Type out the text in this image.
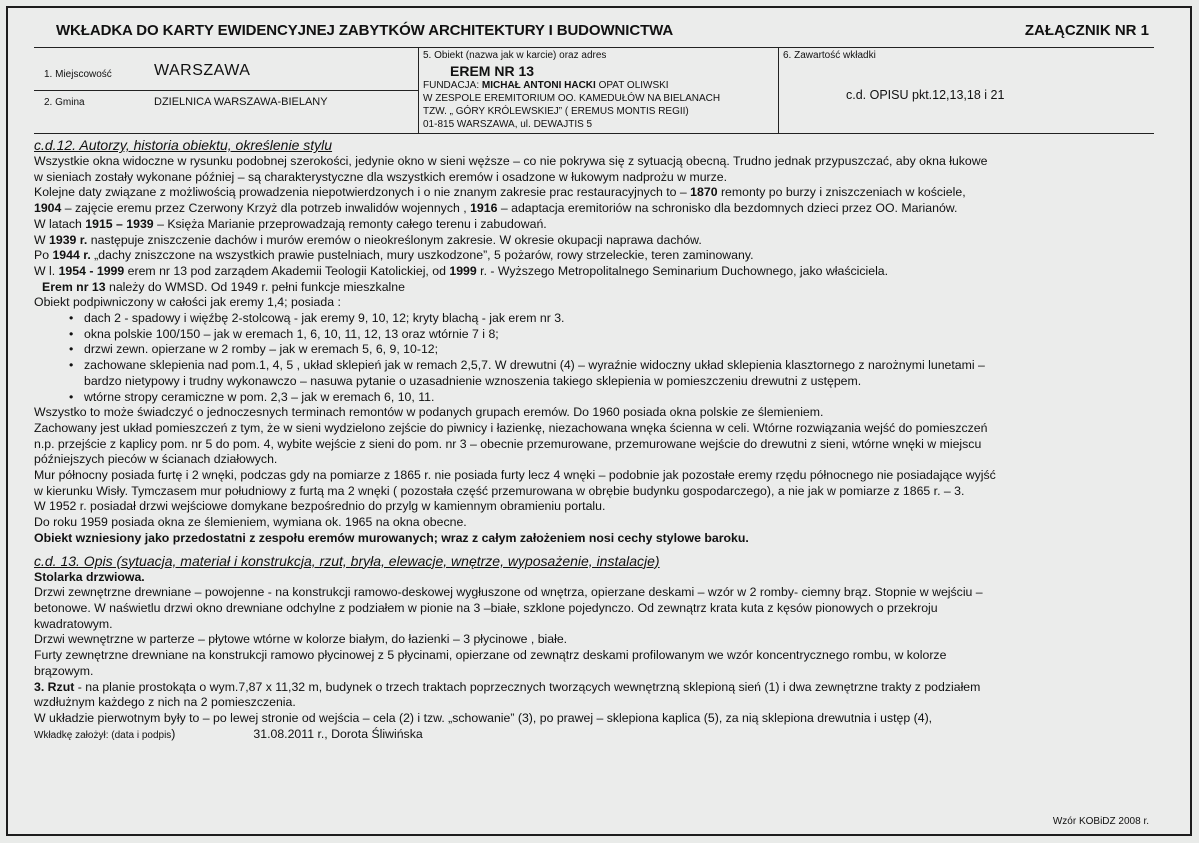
WKŁADKA DO KARTY EWIDENCYJNEJ ZABYTKÓW ARCHITEKTURY I BUDOWNICTWA	ZAŁĄCZNIK NR 1
1. Miejscowość	WARSZAWA
2. Gmina	DZIELNICA WARSZAWA-BIELANY
5. Obiekt (nazwa jak w karcie) oraz adres
EREM NR 13
FUNDACJA: MICHAŁ ANTONI HACKI OPAT OLIWSKI
W ZESPOLE EREMITORIUM OO. KAMEDUŁÓW NA BIELANACH
TZW. „ GÓRY KRÓLEWSKIEJ” ( EREMUS MONTIS REGII)
01-815 WARSZAWA, ul. DEWAJTIS 5
6. Zawartość wkładki
c.d. OPISU pkt.12,13,18 i 21

c.d.12. Autorzy, historia obiektu, określenie stylu

Wszystkie okna widoczne w rysunku podobnej szerokości, jedynie okno w sieni węższe – co nie pokrywa się z sytuacją obecną. Trudno jednak przypuszczać, aby okna łukowe

w sieniach zostały wykonane później – są charakterystyczne dla wszystkich eremów i osadzone w łukowym nadprożu w murze.

Kolejne daty związane z możliwością prowadzenia niepotwierdzonych i o nie znanym zakresie prac restauracyjnych to – 1870 remonty po burzy i zniszczeniach w kościele,

1904 – zajęcie eremu przez Czerwony Krzyż dla potrzeb inwalidów wojennych , 1916 – adaptacja eremitoriów na schronisko dla bezdomnych dzieci przez OO. Marianów.

W latach 1915 – 1939 – Księża Marianie przeprowadzają remonty całego terenu i zabudowań.

W 1939 r. następuje zniszczenie dachów i murów eremów o nieokreślonym zakresie. W okresie okupacji naprawa dachów.

Po 1944 r. „dachy zniszczone na wszystkich prawie pustelniach, mury uszkodzone”, 5 pożarów, rowy strzeleckie, teren zaminowany.

W l. 1954 - 1999 erem nr 13 pod zarządem Akademii Teologii Katolickiej, od 1999 r. - Wyższego Metropolitalnego Seminarium Duchownego, jako właściciela.

Erem nr 13 należy do WMSD. Od 1949 r. pełni funkcje mieszkalne

Obiekt podpiwniczony w całości jak eremy 1,4; posiada :

• dach 2 - spadowy i więźbę 2-stolcową - jak eremy 9, 10, 12; kryty blachą - jak erem nr 3.
• okna polskie 100/150 – jak w eremach 1, 6, 10, 11, 12, 13 oraz wtórnie 7 i 8;
• drzwi zewn. opierzane w 2 romby – jak w eremach 5, 6, 9, 10-12;
• zachowane sklepienia nad pom.1, 4, 5 , układ sklepień jak w remach 2,5,7. W drewutni (4) – wyraźnie widoczny układ sklepienia klasztornego z narożnymi lunetami –

bardzo nietypowy i trudny wykonawczo – nasuwa pytanie o uzasadnienie wznoszenia takiego sklepienia w pomieszczeniu drewutni z ustępem.

• wtórne stropy ceramiczne w pom. 2,3 – jak w eremach 6, 10, 11.

Wszystko to może świadczyć o jednoczesnych terminach remontów w podanych grupach eremów. Do 1960 posiada okna polskie ze ślemieniem.

Zachowany jest układ pomieszczeń z tym, że w sieni wydzielono zejście do piwnicy i łazienkę, niezachowana wnęka ścienna w celi. Wtórne rozwiązania wejść do pomieszczeń

n.p. przejście z kaplicy pom. nr 5 do pom. 4, wybite wejście z sieni do pom. nr 3 – obecnie przemurowane, przemurowane wejście do drewutni z sieni, wtórne wnęki w miejscu

późniejszych pieców w ścianach działowych.

Mur północny posiada furtę i 2 wnęki, podczas gdy na pomiarze z 1865 r. nie posiada furty lecz 4 wnęki – podobnie jak pozostałe eremy rzędu północnego nie posiadające wyjść

w kierunku Wisły. Tymczasem mur południowy z furtą ma 2 wnęki ( pozostała część przemurowana w obrębie budynku gospodarczego), a nie jak w pomiarze z 1865 r. – 3.

W 1952 r. posiadał drzwi wejściowe domykane bezpośrednio do przylg w kamiennym obramieniu portalu.

Do roku 1959 posiada okna ze ślemieniem, wymiana ok. 1965 na okna obecne.

Obiekt wzniesiony jako przedostatni z zespołu eremów murowanych; wraz z całym założeniem nosi cechy stylowe baroku.

c.d. 13. Opis (sytuacja, materiał i konstrukcja, rzut, bryła, elewacje, wnętrze, wyposażenie, instalacje)

Stolarka drzwiowa.

Drzwi zewnętrzne drewniane – powojenne - na konstrukcji ramowo-deskowej wygłuszone od wnętrza, opierzane deskami – wzór w 2 romby- ciemny brąz. Stopnie w wejściu –

betonowe. W naświetlu drzwi okno drewniane odchylne z podziałem w pionie na 3 –białe, szklone pojedynczo. Od zewnątrz krata kuta z kęsów pionowych o przekroju

kwadratowym.

Drzwi wewnętrzne w parterze – płytowe wtórne w kolorze białym, do łazienki – 3 płycinowe , białe.

Furty zewnętrzne drewniane na konstrukcji ramowo płycinowej z 5 płycinami, opierzane od zewnątrz deskami profilowanym we wzór koncentrycznego rombu, w kolorze

brązowym.

3. Rzut - na planie prostokąta o wym.7,87 x 11,32 m, budynek o trzech traktach poprzecznych tworzących wewnętrzną sklepioną sień (1) i dwa zewnętrzne trakty z podziałem

wzdłużnym każdego z nich na 2 pomieszczenia.

W układzie pierwotnym były to – po lewej stronie od wejścia – cela (2) i tzw. „schowanie” (3), po prawej – sklepiona kaplica (5), za nią sklepiona drewutnia i ustęp (4),

Wkładkę założył: (data i podpis)	31.08.2011 r., Dorota Śliwińska

Wzór KOBiDZ 2008 r.
